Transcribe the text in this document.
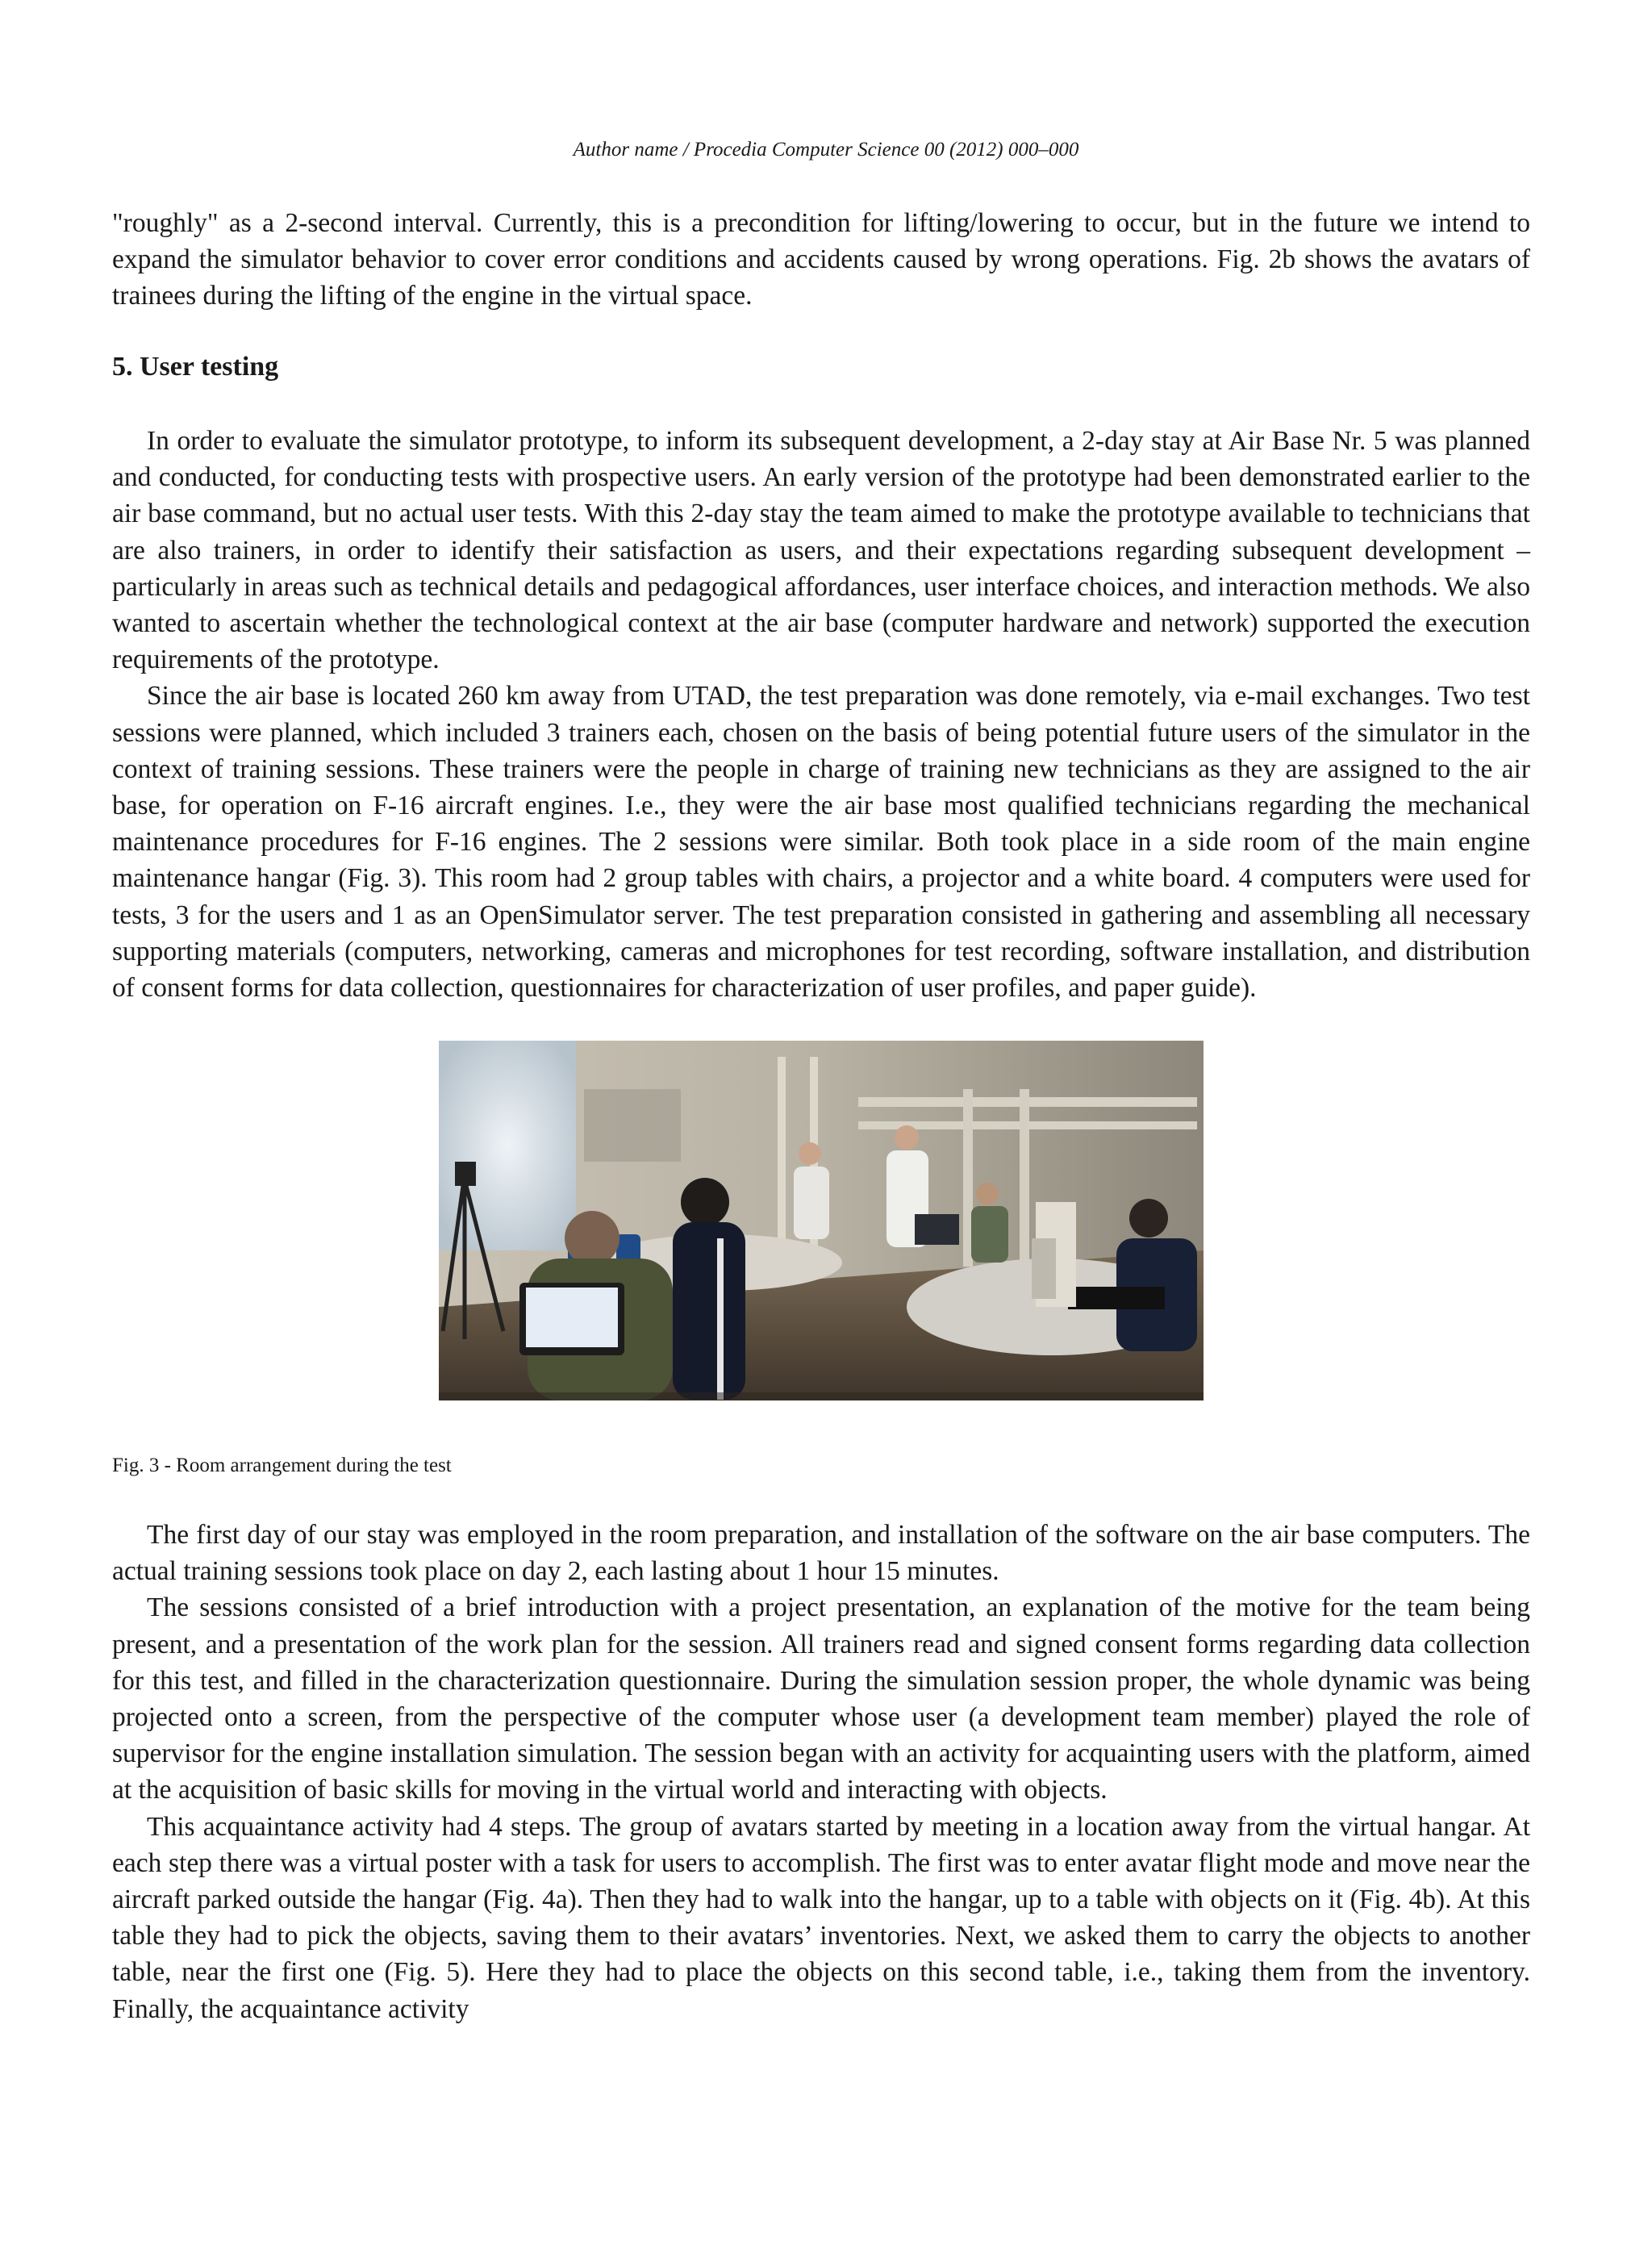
Author name / Procedia Computer Science 00 (2012) 000–000

"roughly" as a 2-second interval. Currently, this is a precondition for lifting/lowering to occur, but in the future we intend to expand the simulator behavior to cover error conditions and accidents caused by wrong operations. Fig. 2b shows the avatars of trainees during the lifting of the engine in the virtual space.

5. User testing

In order to evaluate the simulator prototype, to inform its subsequent development, a 2-day stay at Air Base Nr. 5 was planned and conducted, for conducting tests with prospective users. An early version of the prototype had been demonstrated earlier to the air base command, but no actual user tests. With this 2-day stay the team aimed to make the prototype available to technicians that are also trainers, in order to identify their satisfaction as users, and their expectations regarding subsequent development – particularly in areas such as technical details and pedagogical affordances, user interface choices, and interaction methods. We also wanted to ascertain whether the technological context at the air base (computer hardware and network) supported the execution requirements of the prototype.

Since the air base is located 260 km away from UTAD, the test preparation was done remotely, via e-mail exchanges. Two test sessions were planned, which included 3 trainers each, chosen on the basis of being potential future users of the simulator in the context of training sessions. These trainers were the people in charge of training new technicians as they are assigned to the air base, for operation on F-16 aircraft engines. I.e., they were the air base most qualified technicians regarding the mechanical maintenance procedures for F-16 engines. The 2 sessions were similar. Both took place in a side room of the main engine maintenance hangar (Fig. 3). This room had 2 group tables with chairs, a projector and a white board. 4 computers were used for tests, 3 for the users and 1 as an OpenSimulator server. The test preparation consisted in gathering and assembling all necessary supporting materials (computers, networking, cameras and microphones for test recording, software installation, and distribution of consent forms for data collection, questionnaires for characterization of user profiles, and paper guide).

Fig. 3 - Room arrangement during the test

The first day of our stay was employed in the room preparation, and installation of the software on the air base computers. The actual training sessions took place on day 2, each lasting about 1 hour 15 minutes.

The sessions consisted of a brief introduction with a project presentation, an explanation of the motive for the team being present, and a presentation of the work plan for the session. All trainers read and signed consent forms regarding data collection for this test, and filled in the characterization questionnaire. During the simulation session proper, the whole dynamic was being projected onto a screen, from the perspective of the computer whose user (a development team member) played the role of supervisor for the engine installation simulation. The session began with an activity for acquainting users with the platform, aimed at the acquisition of basic skills for moving in the virtual world and interacting with objects.

This acquaintance activity had 4 steps. The group of avatars started by meeting in a location away from the virtual hangar. At each step there was a virtual poster with a task for users to accomplish. The first was to enter avatar flight mode and move near the aircraft parked outside the hangar (Fig. 4a). Then they had to walk into the hangar, up to a table with objects on it (Fig. 4b). At this table they had to pick the objects, saving them to their avatars’ inventories. Next, we asked them to carry the objects to another table, near the first one (Fig. 5). Here they had to place the objects on this second table, i.e., taking them from the inventory. Finally, the acquaintance activity
